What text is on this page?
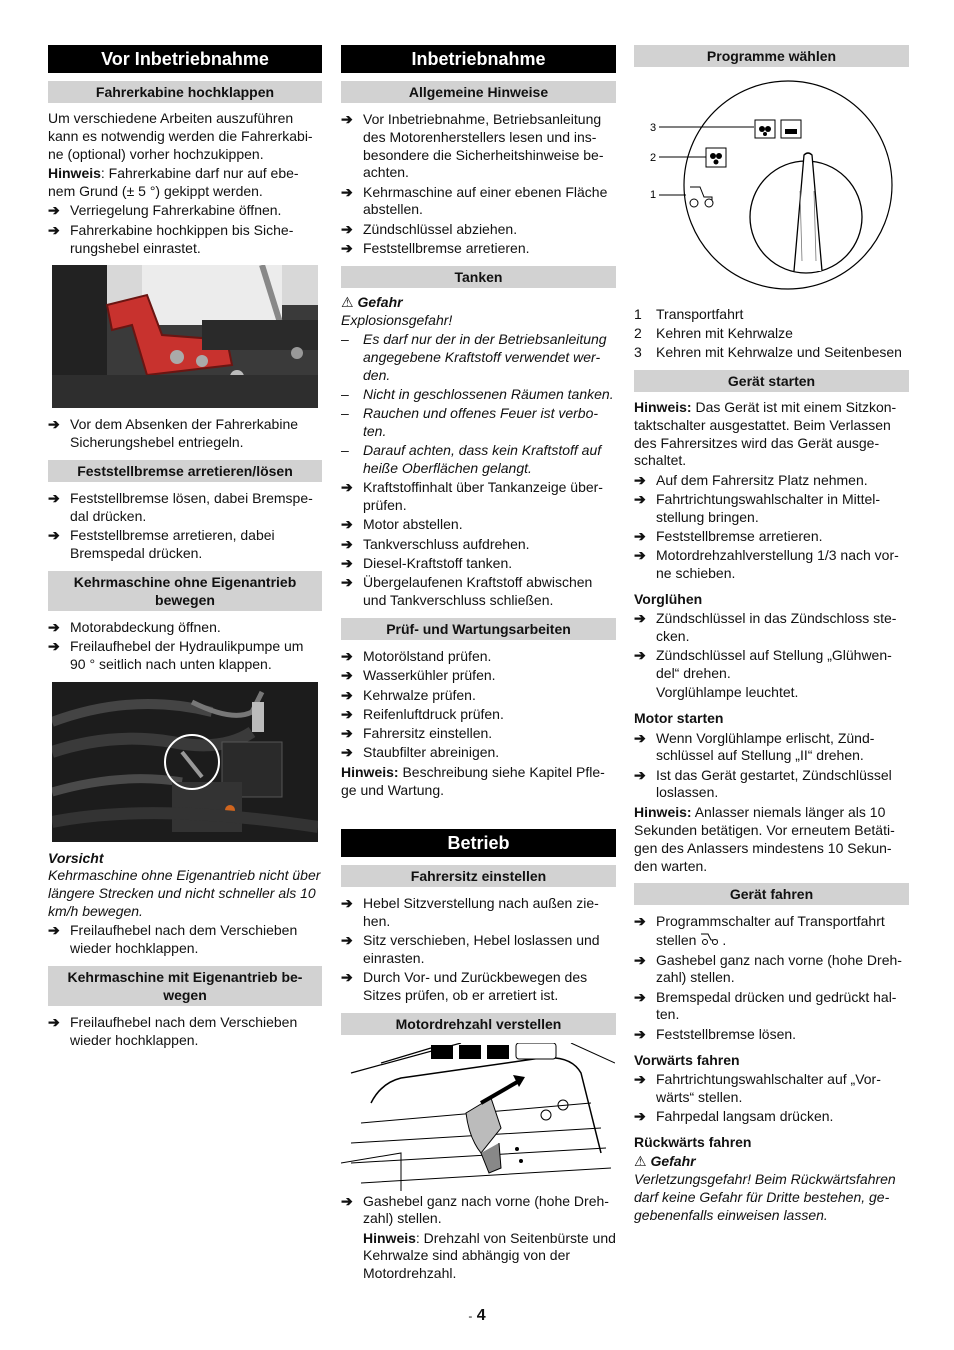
Vor Inbetriebnahme
Fahrerkabine hochklappen
Um verschiedene Arbeiten auszuführen kann es notwendig werden die Fahrerkabi-ne (optional) vorher hochzukippen.
Hinweis: Fahrerkabine darf nur auf ebe-nem Grund (± 5 °) gekippt werden.
➔ Verriegelung Fahrerkabine öffnen.
➔ Fahrerkabine hochkippen bis Siche-rungshebel einrastet.
➔ Vor dem Absenken der Fahrerkabine Sicherungshebel entriegeln.
Feststellbremse arretieren/lösen
➔ Feststellbremse lösen, dabei Bremspe-dal drücken.
➔ Feststellbremse arretieren, dabei Bremspedal drücken.
Kehrmaschine ohne Eigenantrieb bewegen
➔ Motorabdeckung öffnen.
➔ Freilaufhebel der Hydraulikpumpe um 90 ° seitlich nach unten klappen.
Vorsicht
Kehrmaschine ohne Eigenantrieb nicht über längere Strecken und nicht schneller als 10 km/h bewegen.
➔ Freilaufhebel nach dem Verschieben wieder hochklappen.
Kehrmaschine mit Eigenantrieb be-wegen
➔ Freilaufhebel nach dem Verschieben wieder hochklappen.
Inbetriebnahme
Allgemeine Hinweise
➔ Vor Inbetriebnahme, Betriebsanleitung des Motorenherstellers lesen und ins-besondere die Sicherheitshinweise be-achten.
➔ Kehrmaschine auf einer ebenen Fläche abstellen.
➔ Zündschlüssel abziehen.
➔ Feststellbremse arretieren.
Tanken
⚠ Gefahr
Explosionsgefahr!
– Es darf nur der in der Betriebsanleitung angegebene Kraftstoff verwendet wer-den.
– Nicht in geschlossenen Räumen tanken.
– Rauchen und offenes Feuer ist verbo-ten.
– Darauf achten, dass kein Kraftstoff auf heiße Oberflächen gelangt.
➔ Kraftstoffinhalt über Tankanzeige über-prüfen.
➔ Motor abstellen.
➔ Tankverschluss aufdrehen.
➔ Diesel-Kraftstoff tanken.
➔ Übergelaufenen Kraftstoff abwischen und Tankverschluss schließen.
Prüf- und Wartungsarbeiten
➔ Motorölstand prüfen.
➔ Wasserkühler prüfen.
➔ Kehrwalze prüfen.
➔ Reifenluftdruck prüfen.
➔ Fahrersitz einstellen.
➔ Staubfilter abreinigen.
Hinweis: Beschreibung siehe Kapitel Pfle-ge und Wartung.
Betrieb
Fahrersitz einstellen
➔ Hebel Sitzverstellung nach außen zie-hen.
➔ Sitz verschieben, Hebel loslassen und einrasten.
➔ Durch Vor- und Zurückbewegen des Sitzes prüfen, ob er arretiert ist.
Motordrehzahl verstellen
➔ Gashebel ganz nach vorne (hohe Dreh-zahl) stellen.
Hinweis: Drehzahl von Seitenbürste und Kehrwalze sind abhängig von der Motordrehzahl.
Programme wählen
3
2
1
1 Transportfahrt
2 Kehren mit Kehrwalze
3 Kehren mit Kehrwalze und Seitenbesen
Gerät starten
Hinweis: Das Gerät ist mit einem Sitzkon-taktschalter ausgestattet. Beim Verlassen des Fahrersitzes wird das Gerät ausge-schaltet.
➔ Auf dem Fahrersitz Platz nehmen.
➔ Fahrtrichtungswahlschalter in Mittel-stellung bringen.
➔ Feststellbremse arretieren.
➔ Motordrehzahlverstellung 1/3 nach vor-ne schieben.
Vorglühen
➔ Zündschlüssel in das Zündschloss ste-cken.
➔ Zündschlüssel auf Stellung „Glühwen-del“ drehen.
Vorglühlampe leuchtet.
Motor starten
➔ Wenn Vorglühlampe erlischt, Zünd-schlüssel auf Stellung „II“ drehen.
➔ Ist das Gerät gestartet, Zündschlüssel loslassen.
Hinweis: Anlasser niemals länger als 10 Sekunden betätigen. Vor erneutem Betäti-gen des Anlassers mindestens 10 Sekun-den warten.
Gerät fahren
➔ Programmschalter auf Transportfahrt stellen .
➔ Gashebel ganz nach vorne (hohe Dreh-zahl) stellen.
➔ Bremspedal drücken und gedrückt hal-ten.
➔ Feststellbremse lösen.
Vorwärts fahren
➔ Fahrtrichtungswahlschalter auf „Vor-wärts“ stellen.
➔ Fahrpedal langsam drücken.
Rückwärts fahren
⚠ Gefahr
Verletzungsgefahr! Beim Rückwärtsfahren darf keine Gefahr für Dritte bestehen, ge-gebenenfalls einweisen lassen.
- 4
